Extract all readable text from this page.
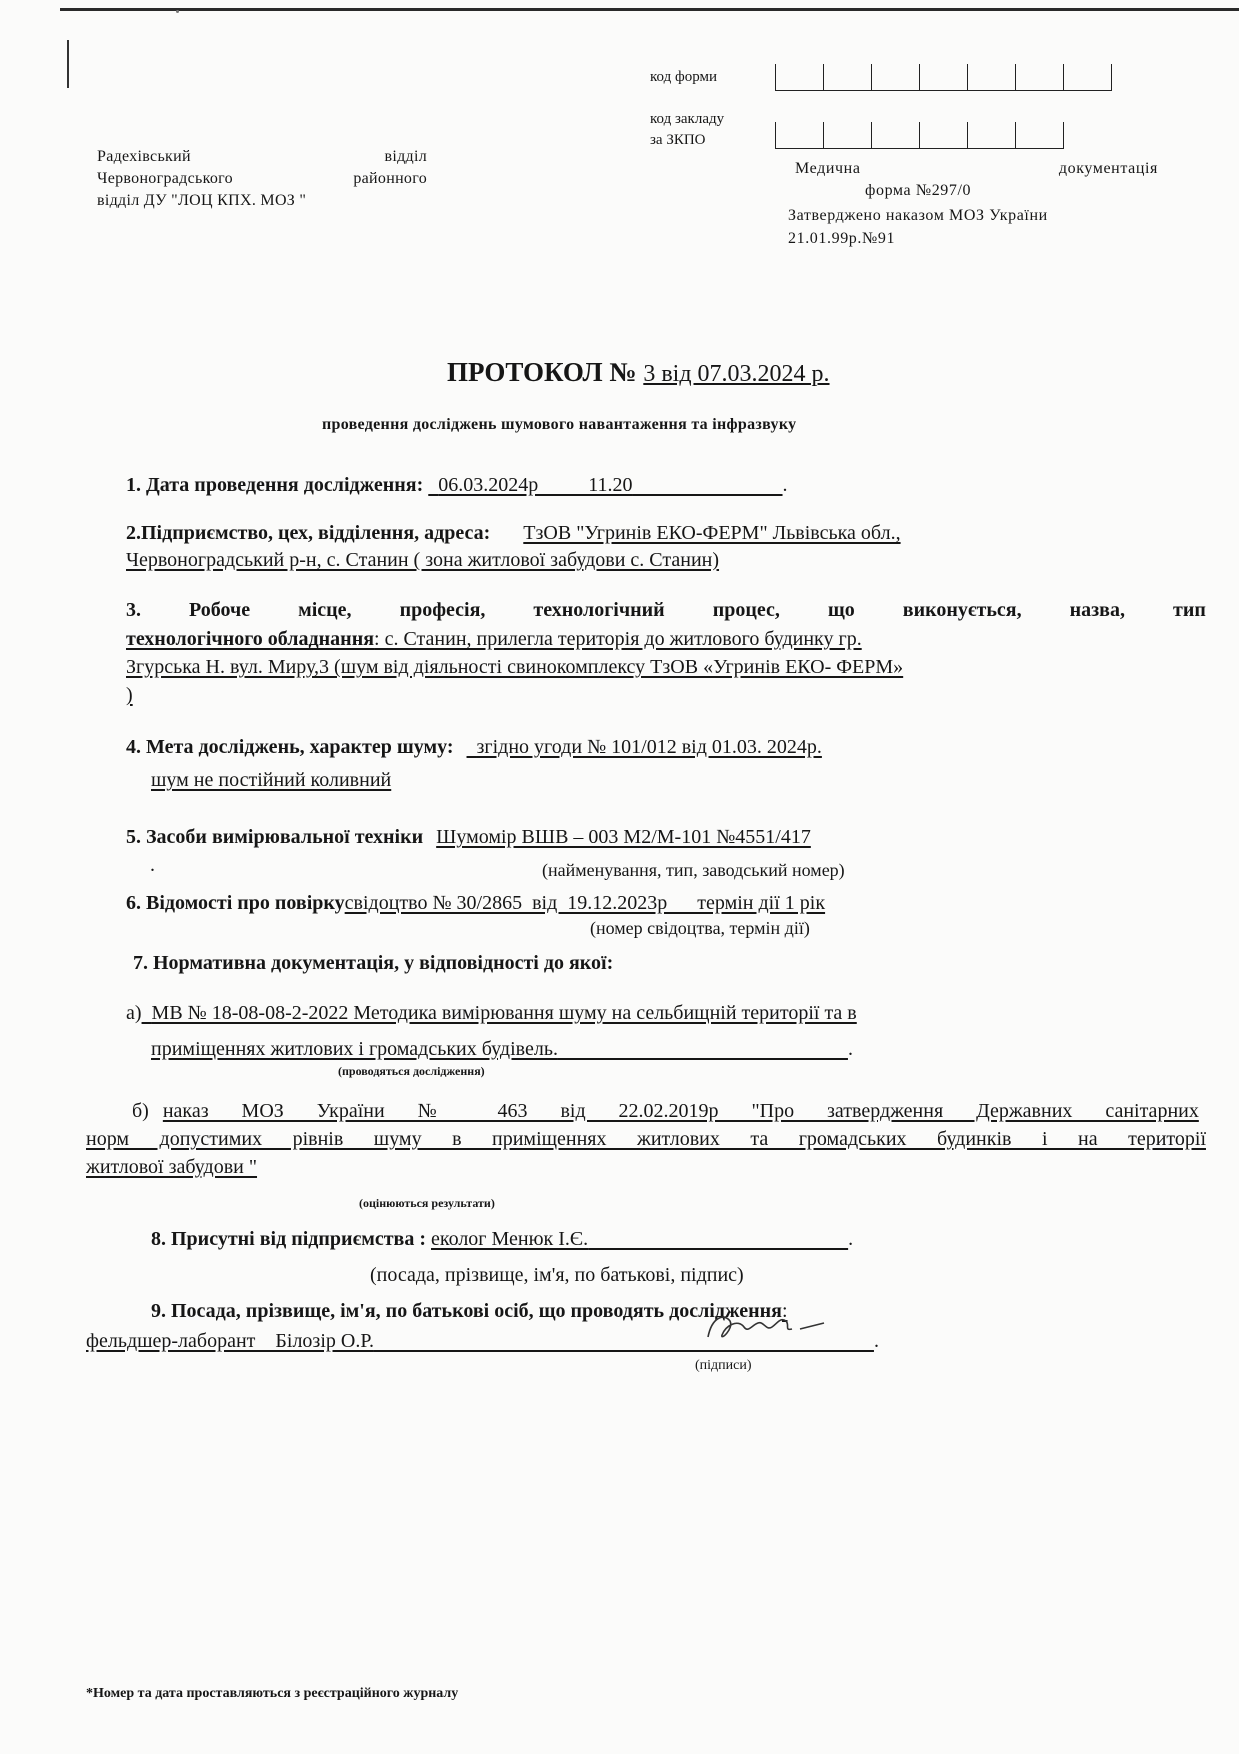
код форми
код закладу
за ЗКПО
Радехівський	відділ
Червоноградського	районного
відділ ДУ "ЛОЦ КПХ. МОЗ "
Медична	документація
форма №297/0
Затверджено наказом МОЗ України
21.01.99р.№91
ПРОТОКОЛ № 3 від 07.03.2024 р.
проведення досліджень шумового навантаження та інфразвуку
1. Дата проведення дослідження: 06.03.2024р          11.20	.
2.Підприємство, цех, відділення, адреса: ТзОВ "Угринів ЕКО-ФЕРМ" Львівська обл.,
Червоноградський р-н, с. Станин ( зона житлової забудови с. Станин)
3. Робоче місце, професія, технологічний процес, що виконується, назва, тип
технологічного обладнання: с. Станин, прилегла територія до житлового будинку гр.
Згурська Н. вул. Миру,3 (шум від діяльності свинокомплексу ТзОВ «Угринів ЕКО- ФЕРМ»
)
4. Мета досліджень, характер шуму: згідно угоди № 101/012 від 01.03. 2024р.
шум не постійний коливний
5. Засоби вимірювальної техніки Шумомір ВШВ – 003 М2/М-101 №4551/417
.	(найменування, тип, заводський номер)
6. Відомості про повіркусвідоцтво № 30/2865  від  19.12.2023р      термін дії 1 рік
(номер свідоцтва, термін дії)
7. Нормативна документація, у відповідності до якої:
а) МВ № 18-08-08-2-2022 Методика вимірювання шуму на сельбищній території та в
приміщеннях житлових і громадських будівель.	.
(проводяться дослідження)
б) наказ МОЗ України № 463 від 22.02.2019р "Про затвердження Державних санітарних
норм допустимих рівнів шуму в приміщеннях житлових та громадських будинків і на території
житлової забудови "
(оцінюються результати)
8. Присутні від підприємства : еколог Менюк І.Є.	.
(посада, прізвище, ім'я, по батькові, підпис)
9. Посада, прізвище, ім'я, по батькові осіб, що проводять дослідження:
фельдшер-лаборант    Білозір О.Р.	.
(підписи)
*Номер та дата проставляються з реєстраційного журналу
